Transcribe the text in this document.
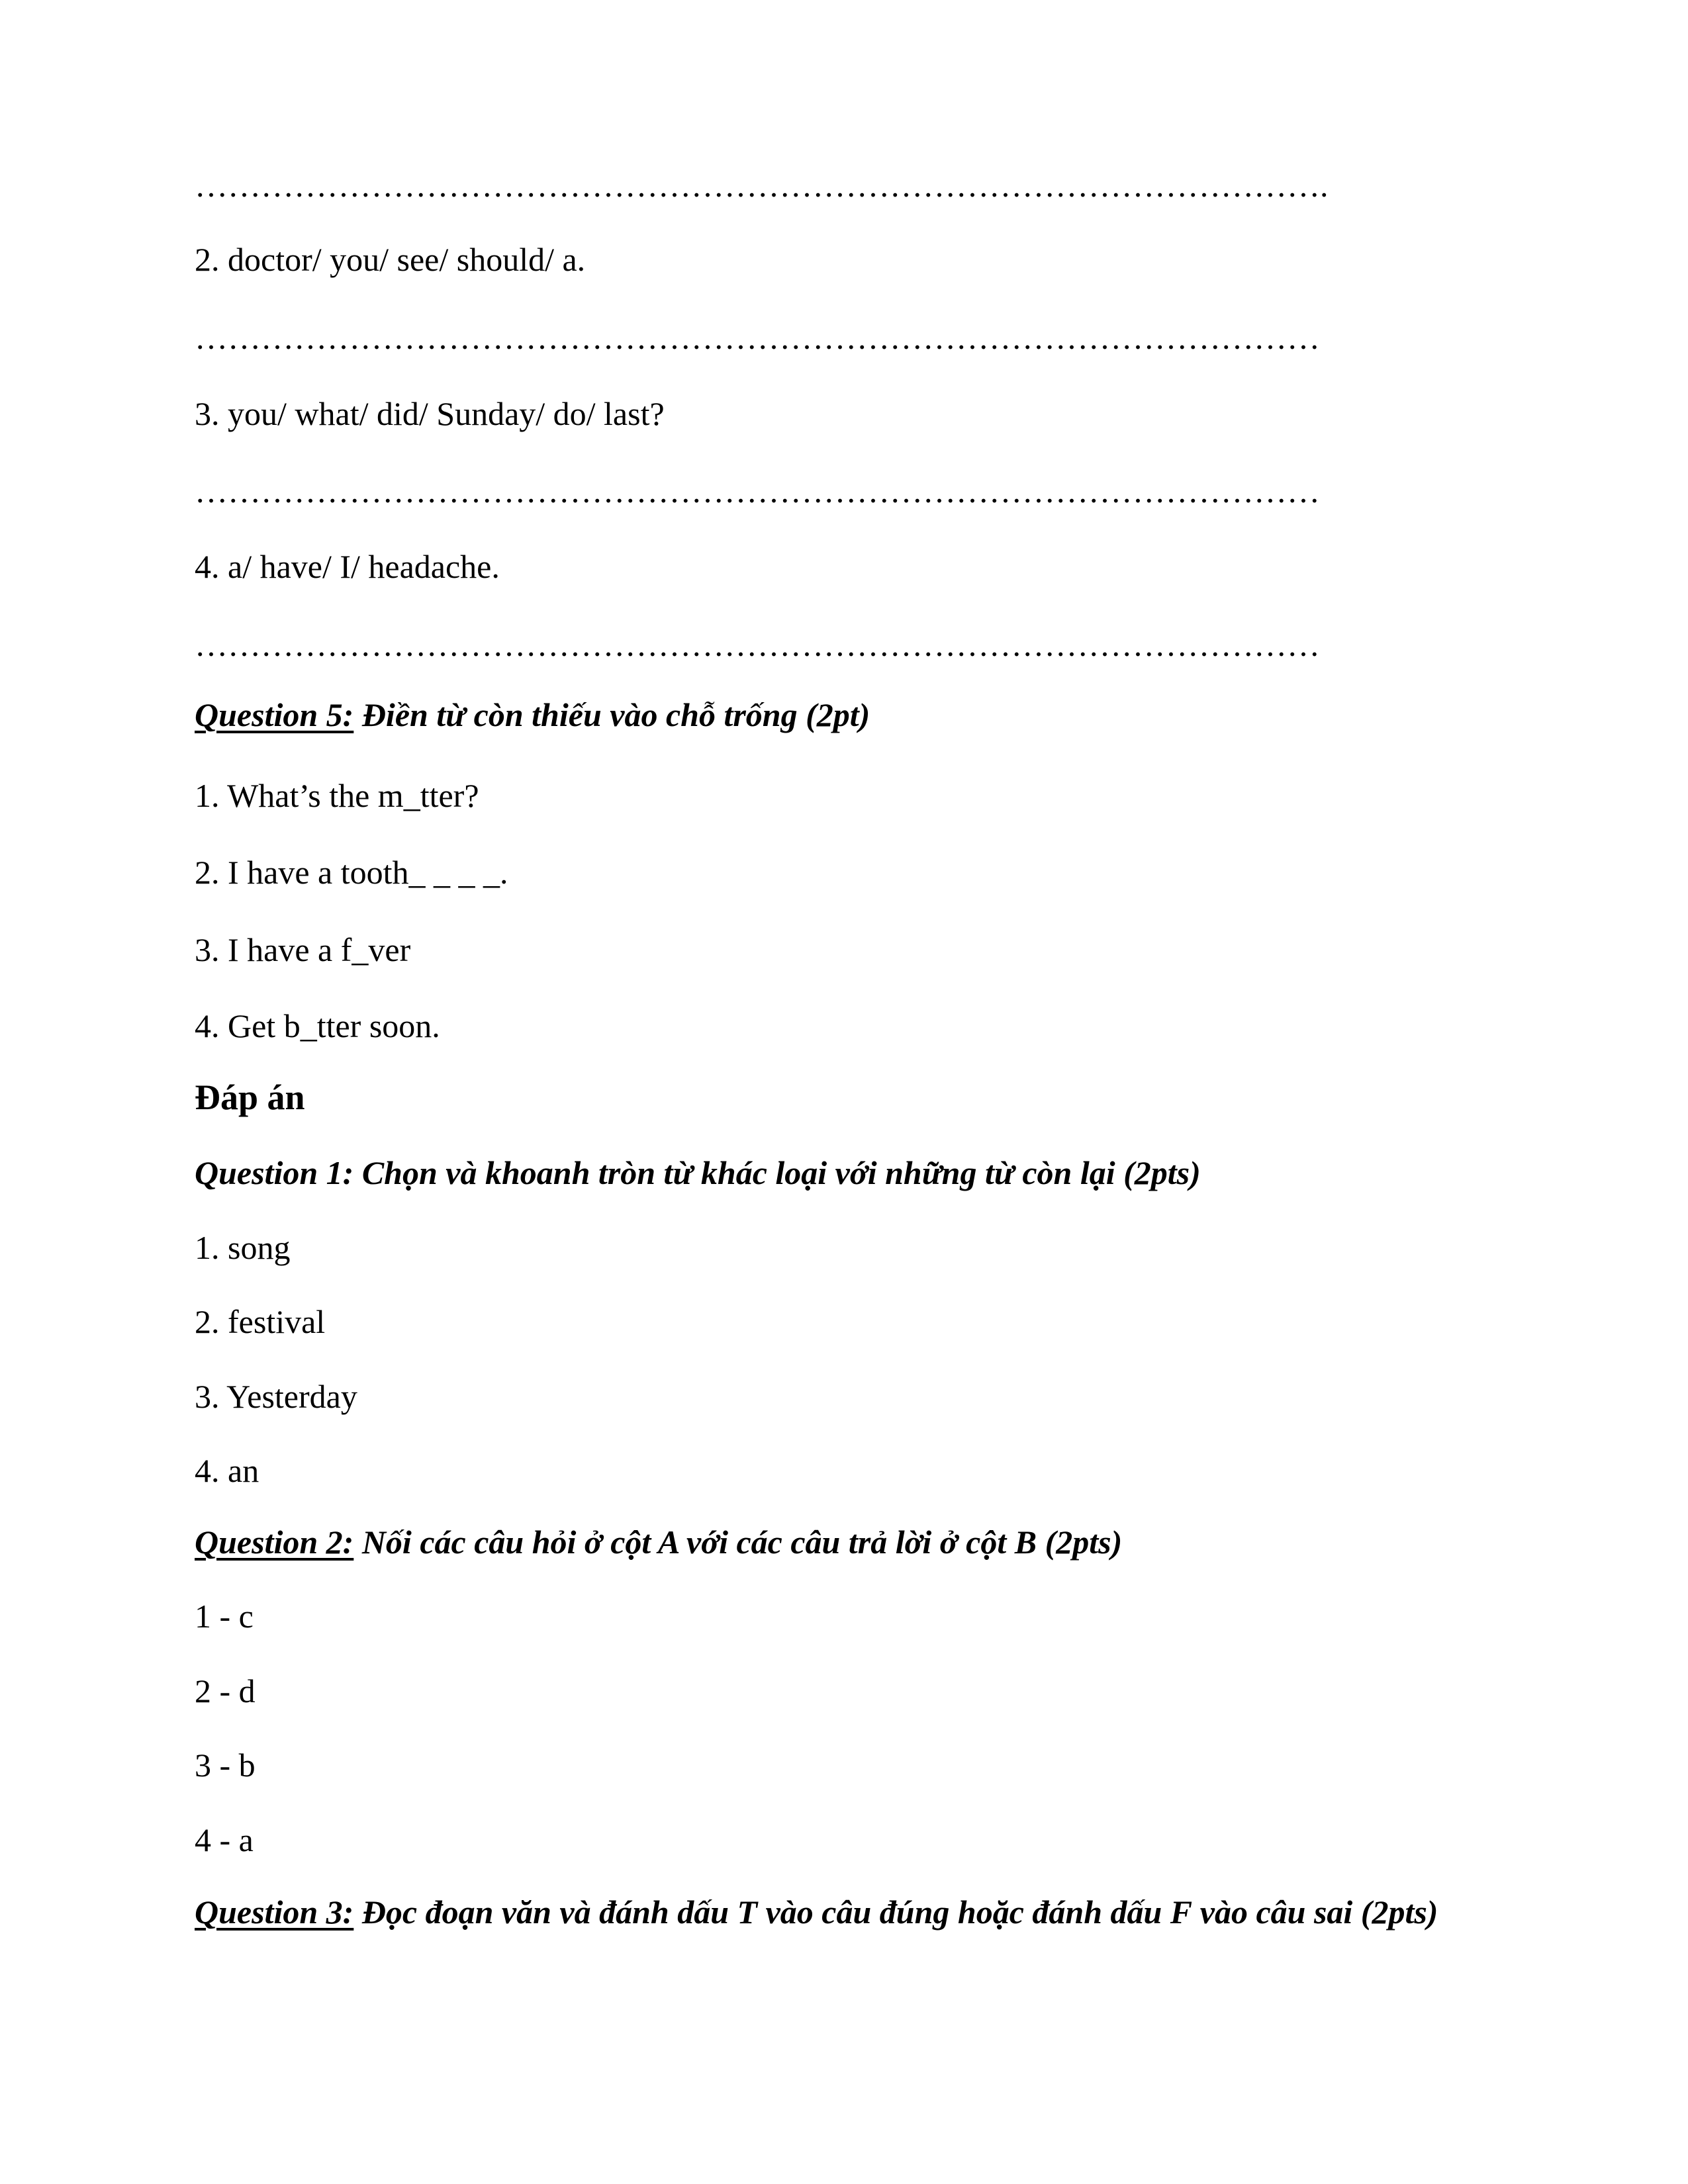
………………………………………………………………………………………….
2. doctor/ you/ see/ should/ a.
…………………………………………………………………………………………
3. you/ what/ did/ Sunday/ do/ last?
…………………………………………………………………………………………
4. a/ have/ I/ headache.
…………………………………………………………………………………………
Question 5: Điền từ còn thiếu vào chỗ trống (2pt)
1. What’s the m_tter?
2. I have a tooth_ _ _ _.
3. I have a f_ver
4. Get b_tter soon.
Đáp án
Question 1: Chọn và khoanh tròn từ khác loại với những từ còn lại (2pts)
1. song
2. festival
3. Yesterday
4. an
Question 2: Nối các câu hỏi ở cột A với các câu trả lời ở cột B (2pts)
1 - c
2 - d
3 - b
4 - a
Question 3: Đọc đoạn văn và đánh dấu T vào câu đúng hoặc đánh dấu F vào câu sai (2pts)
